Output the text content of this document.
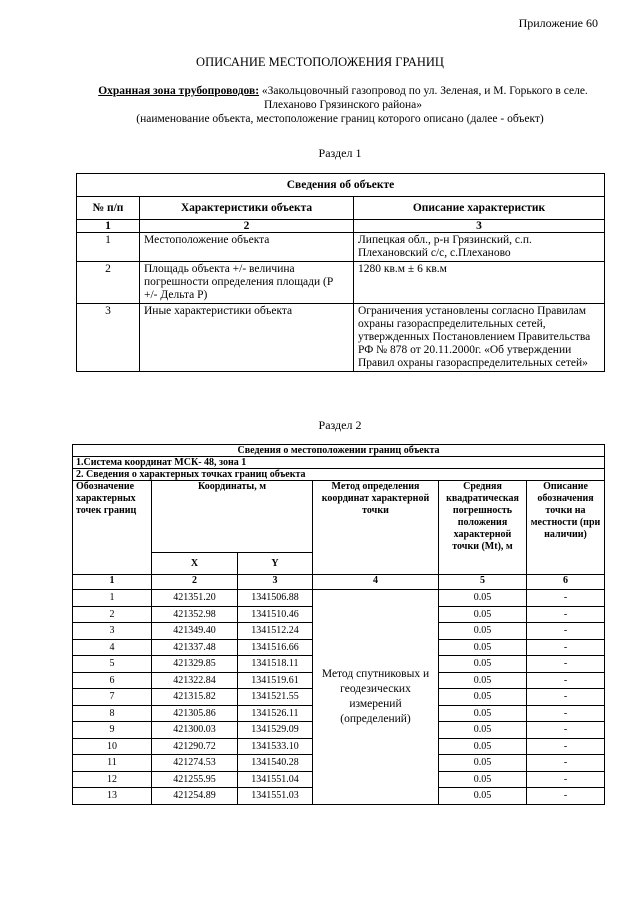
Приложение 60
ОПИСАНИЕ МЕСТОПОЛОЖЕНИЯ ГРАНИЦ
Охранная зона трубопроводов: «Закольцовочный газопровод по ул. Зеленая, и М. Горького в селе. Плеханово Грязинского района»
(наименование объекта, местоположение границ которого описано (далее - объект)
Раздел 1
Сведения об объекте		
№ п/п	Характеристики объекта	Описание характеристик
1	2	3
1	Местоположение объекта	Липецкая обл., р-н Грязинский, с.п. Плехановский с/с, с.Плеханово
2	Площадь объекта +/- величина погрешности определения площади (Р +/- Дельта Р)	1280 кв.м ± 6 кв.м
3	Иные характеристики объекта	Ограничения установлены согласно Правилам охраны газораспределительных сетей, утвержденных Постановлением Правительства РФ № 878 от 20.11.2000г. «Об утверждении Правил охраны газораспределительных сетей»
Раздел 2
Сведения о местоположении границ объекта					
1.Система координат МСК- 48, зона 1					
2. Сведения о характерных точках границ объекта					
Обозначение характерных точек границ	Координаты, м		Метод определения координат характерной точки	Средняя квадратическая погрешность положения характерной точки (Mt), м	Описание обозначения точки на местности (при наличии)
	X	Y			
1	2	3	4	5	6
1	421351.20	1341506.88	Метод спутниковых и геодезических измерений (определений)	0.05	-
2	421352.98	1341510.46		0.05	-
3	421349.40	1341512.24		0.05	-
4	421337.48	1341516.66		0.05	-
5	421329.85	1341518.11		0.05	-
6	421322.84	1341519.61		0.05	-
7	421315.82	1341521.55		0.05	-
8	421305.86	1341526.11		0.05	-
9	421300.03	1341529.09		0.05	-
10	421290.72	1341533.10		0.05	-
11	421274.53	1341540.28		0.05	-
12	421255.95	1341551.04		0.05	-
13	421254.89	1341551.03		0.05	-
